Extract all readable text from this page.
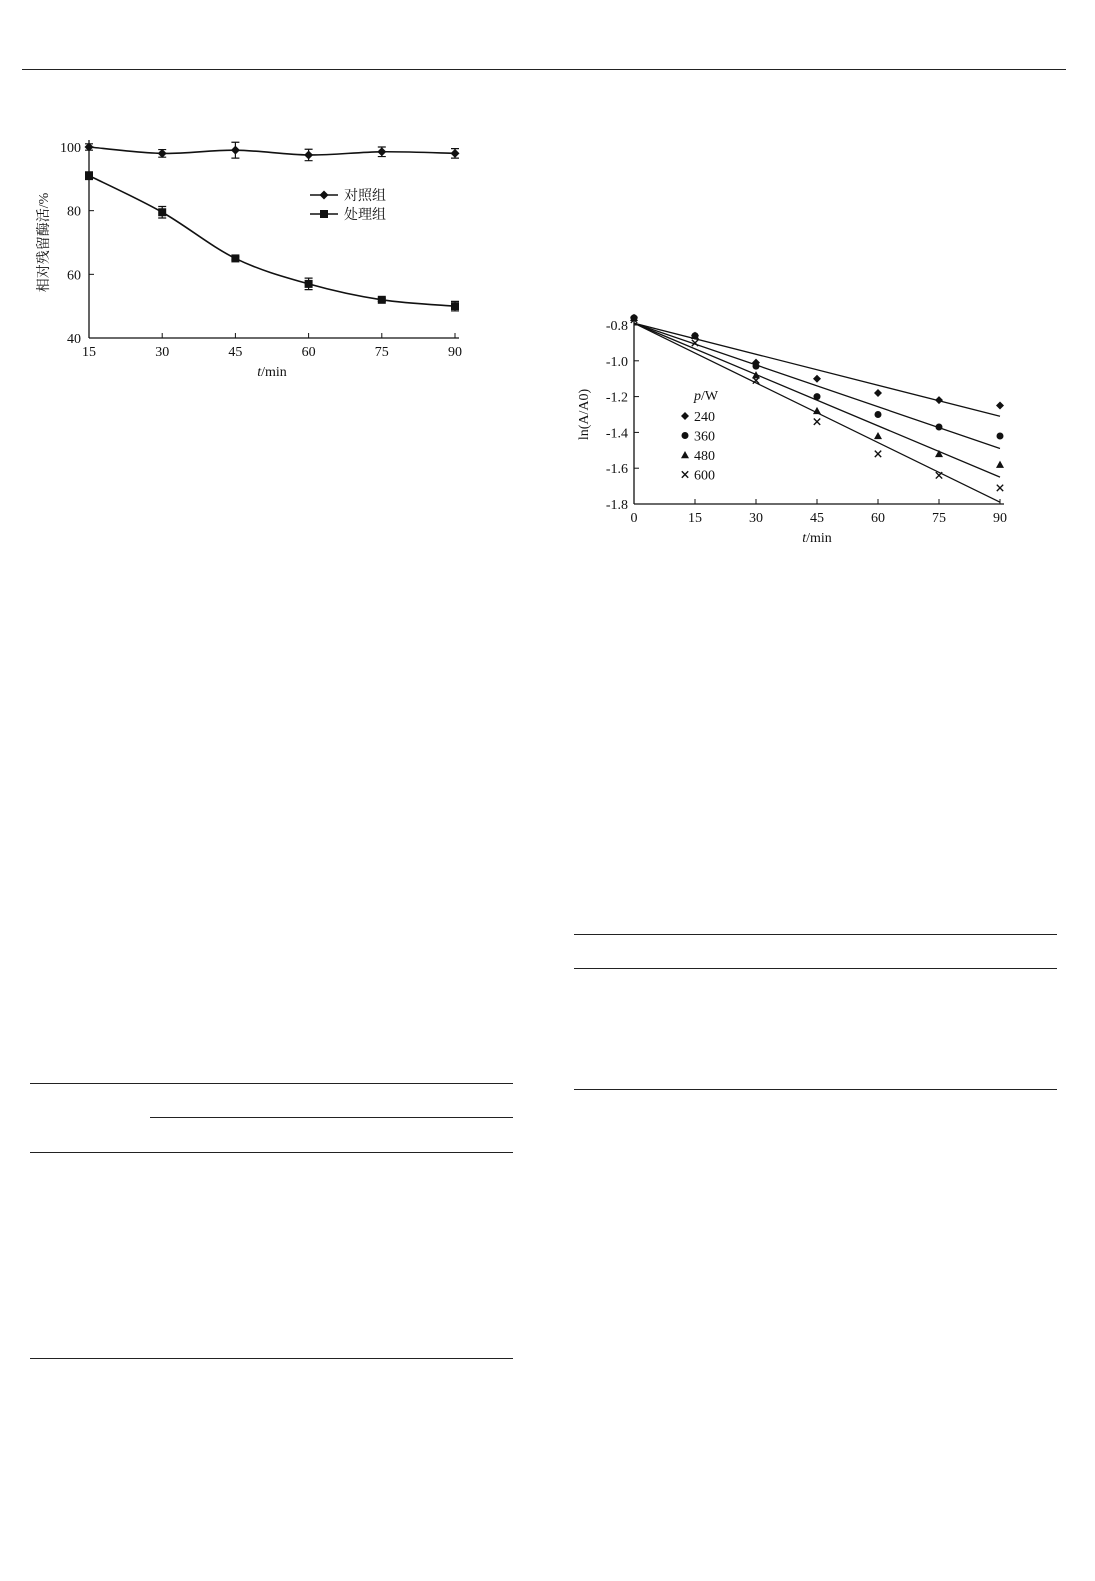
15	30	45	60	75	90
40
60
80
100
t/min
相对残留酶活/%	对照组
处理组
0	15	30	45	60	75	90
-0.8
-1.0
-1.2
-1.4
-1.6
-1.8
t/min
ln(A/A0)	p/W
240
360
480
600
